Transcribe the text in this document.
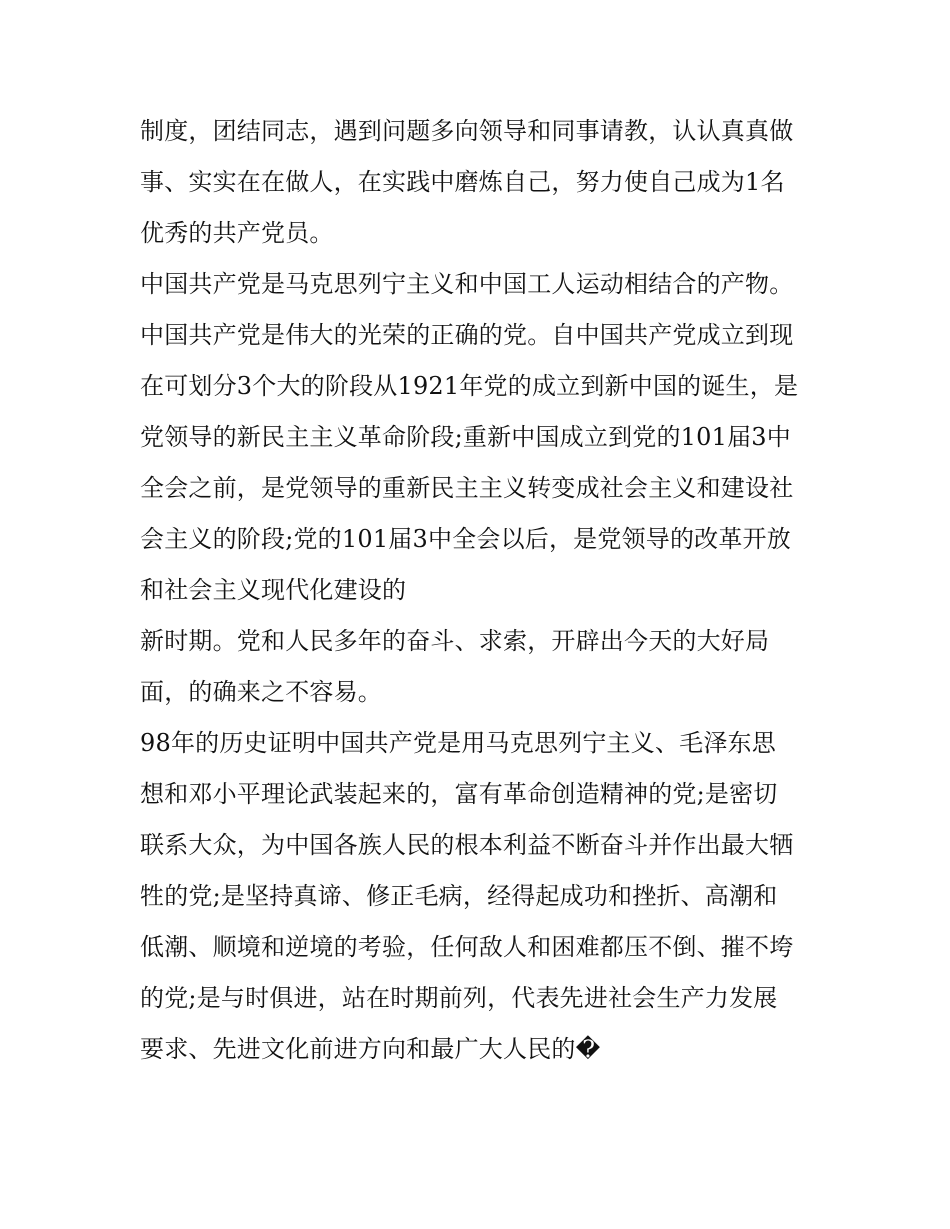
制度，团结同志，遇到问题多向领导和同事请教，认认真真做
事、实实在在做人，在实践中磨炼自己，努力使自己成为1名
优秀的共产党员。
中国共产党是马克思列宁主义和中国工人运动相结合的产物。
中国共产党是伟大的光荣的正确的党。自中国共产党成立到现
在可划分3个大的阶段从1921年党的成立到新中国的诞生，是
党领导的新民主主义革命阶段;重新中国成立到党的101届3中
全会之前，是党领导的重新民主主义转变成社会主义和建设社
会主义的阶段;党的101届3中全会以后，是党领导的改革开放
和社会主义现代化建设的
新时期。党和人民多年的奋斗、求索，开辟出今天的大好局
面，的确来之不容易。
98年的历史证明中国共产党是用马克思列宁主义、毛泽东思
想和邓小平理论武装起来的，富有革命创造精神的党;是密切
联系大众，为中国各族人民的根本利益不断奋斗并作出最大牺
牲的党;是坚持真谛、修正毛病，经得起成功和挫折、高潮和
低潮、顺境和逆境的考验，任何敌人和困难都压不倒、摧不垮
的党;是与时俱进，站在时期前列，代表先进社会生产力发展
要求、先进文化前进方向和最广大人民的�
